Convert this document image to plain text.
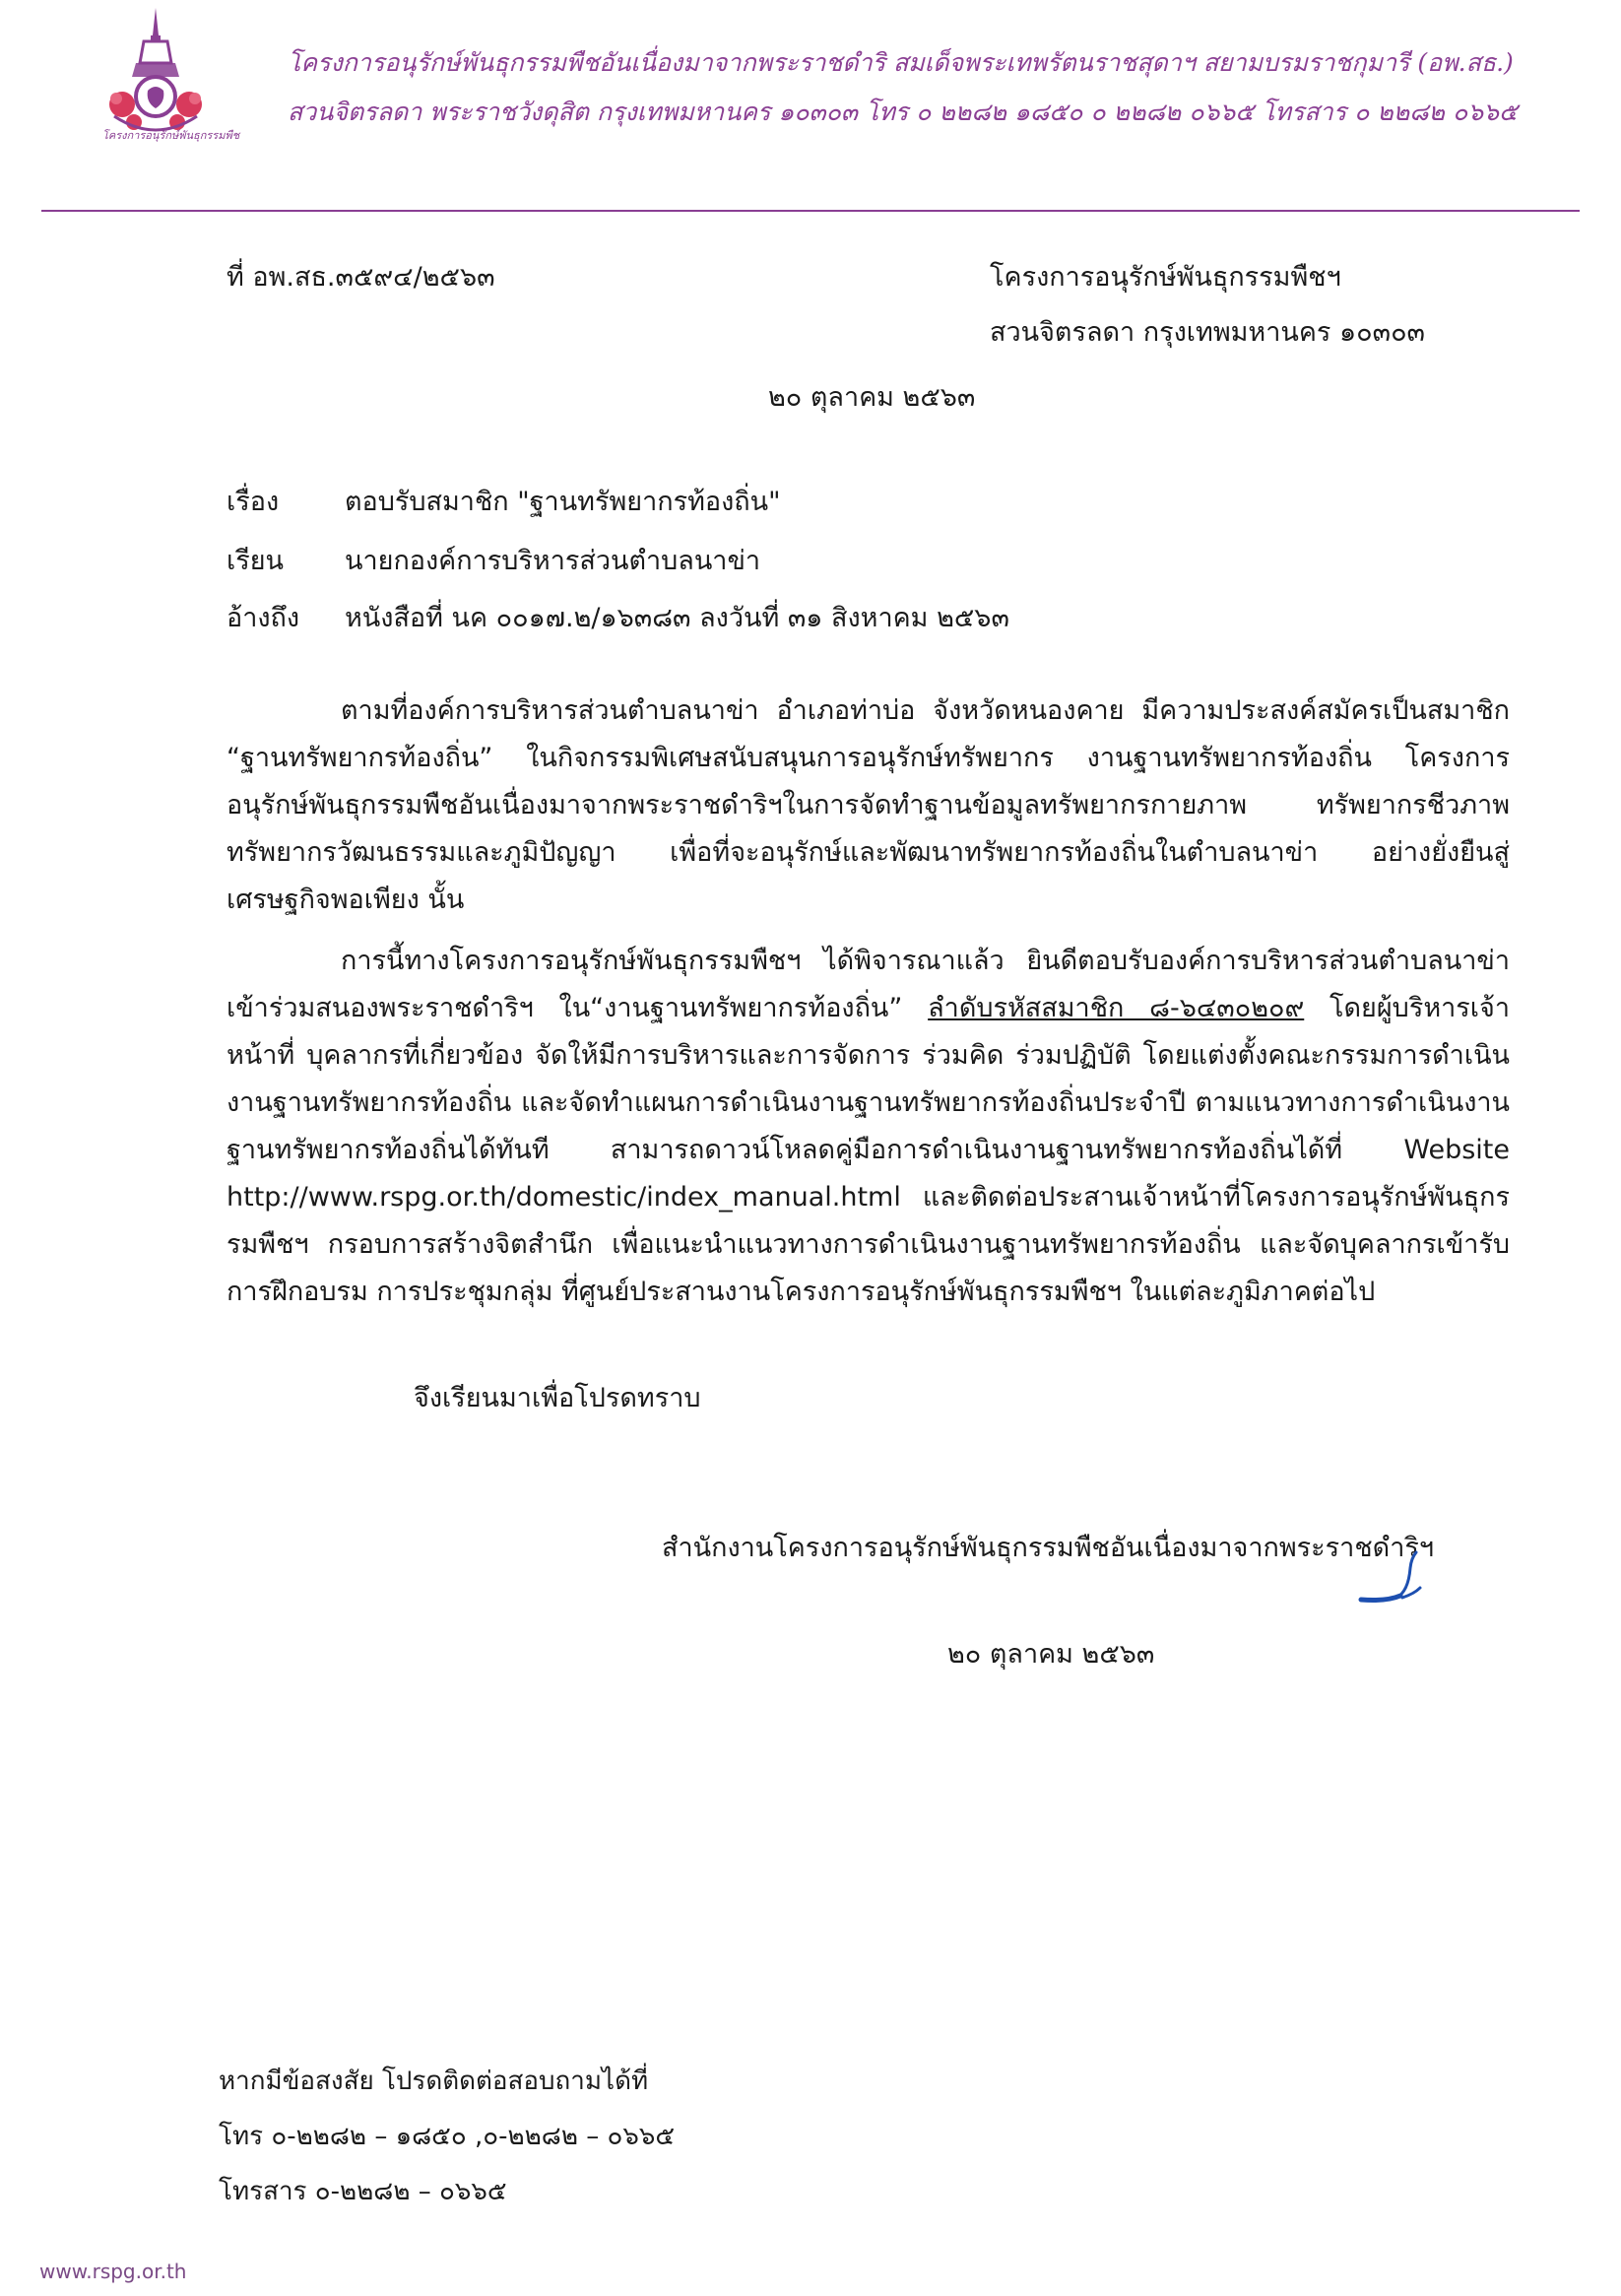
โครงการอนุรักษ์พันธุกรรมพืช
โครงการอนุรักษ์พันธุกรรมพืชอันเนื่องมาจากพระราชดำริ สมเด็จพระเทพรัตนราชสุดาฯ สยามบรมราชกุมารี (อพ.สธ.)
สวนจิตรลดา พระราชวังดุสิต กรุงเทพมหานคร ๑๐๓๐๓ โทร ๐ ๒๒๘๒ ๑๘๕๐ ๐ ๒๒๘๒ ๐๖๖๕ โทรสาร ๐ ๒๒๘๒ ๐๖๖๕
ที่ อพ.สธ.๓๕๙๔/๒๕๖๓	โครงการอนุรักษ์พันธุกรรมพืชฯ
สวนจิตรลดา กรุงเทพมหานคร ๑๐๓๐๓
๒๐ ตุลาคม ๒๕๖๓
เรื่อง ตอบรับสมาชิก "ฐานทรัพยากรท้องถิ่น"
เรียน นายกองค์การบริหารส่วนตำบลนาข่า
อ้างถึง หนังสือที่ นค ๐๐๑๗.๒/๑๖๓๘๓ ลงวันที่ ๓๑ สิงหาคม ๒๕๖๓
ตามที่องค์การบริหารส่วนตำบลนาข่า อำเภอท่าบ่อ จังหวัดหนองคาย มีความประสงค์สมัครเป็นสมาชิก “ฐานทรัพยากรท้องถิ่น” ในกิจกรรมพิเศษสนับสนุนการอนุรักษ์ทรัพยากร งานฐานทรัพยากรท้องถิ่น โครงการอนุรักษ์พันธุกรรมพืชอันเนื่องมาจากพระราชดำริฯในการจัดทำฐานข้อมูลทรัพยากรกายภาพ ทรัพยากรชีวภาพ ทรัพยากรวัฒนธรรมและภูมิปัญญา เพื่อที่จะอนุรักษ์และพัฒนาทรัพยากรท้องถิ่นในตำบลนาข่า อย่างยั่งยืนสู่เศรษฐกิจพอเพียง นั้น
การนี้ทางโครงการอนุรักษ์พันธุกรรมพืชฯ ได้พิจารณาแล้ว ยินดีตอบรับองค์การบริหารส่วนตำบลนาข่าเข้าร่วมสนองพระราชดำริฯ ใน“งานฐานทรัพยากรท้องถิ่น” ลำดับรหัสสมาชิก ๘-๖๔๓๐๒๐๙ โดยผู้บริหารเจ้าหน้าที่ บุคลากรที่เกี่ยวข้อง จัดให้มีการบริหารและการจัดการ ร่วมคิด ร่วมปฏิบัติ โดยแต่งตั้งคณะกรรมการดำเนินงานฐานทรัพยากรท้องถิ่น และจัดทำแผนการดำเนินงานฐานทรัพยากรท้องถิ่นประจำปี ตามแนวทางการดำเนินงานฐานทรัพยากรท้องถิ่นได้ทันที สามารถดาวน์โหลดคู่มือการดำเนินงานฐานทรัพยากรท้องถิ่นได้ที่ Website http://www.rspg.or.th/domestic/index_manual.html และติดต่อประสานเจ้าหน้าที่โครงการอนุรักษ์พันธุกรรมพืชฯ กรอบการสร้างจิตสำนึก เพื่อแนะนำแนวทางการดำเนินงานฐานทรัพยากรท้องถิ่น และจัดบุคลากรเข้ารับการฝึกอบรม การประชุมกลุ่ม ที่ศูนย์ประสานงานโครงการอนุรักษ์พันธุกรรมพืชฯ ในแต่ละภูมิภาคต่อไป
จึงเรียนมาเพื่อโปรดทราบ
สำนักงานโครงการอนุรักษ์พันธุกรรมพืชอันเนื่องมาจากพระราชดำริฯ
๒๐ ตุลาคม ๒๕๖๓
หากมีข้อสงสัย โปรดติดต่อสอบถามได้ที่
โทร ๐-๒๒๘๒ – ๑๘๕๐ ,๐-๒๒๘๒ – ๐๖๖๕
โทรสาร ๐-๒๒๘๒ – ๐๖๖๕
www.rspg.or.th
